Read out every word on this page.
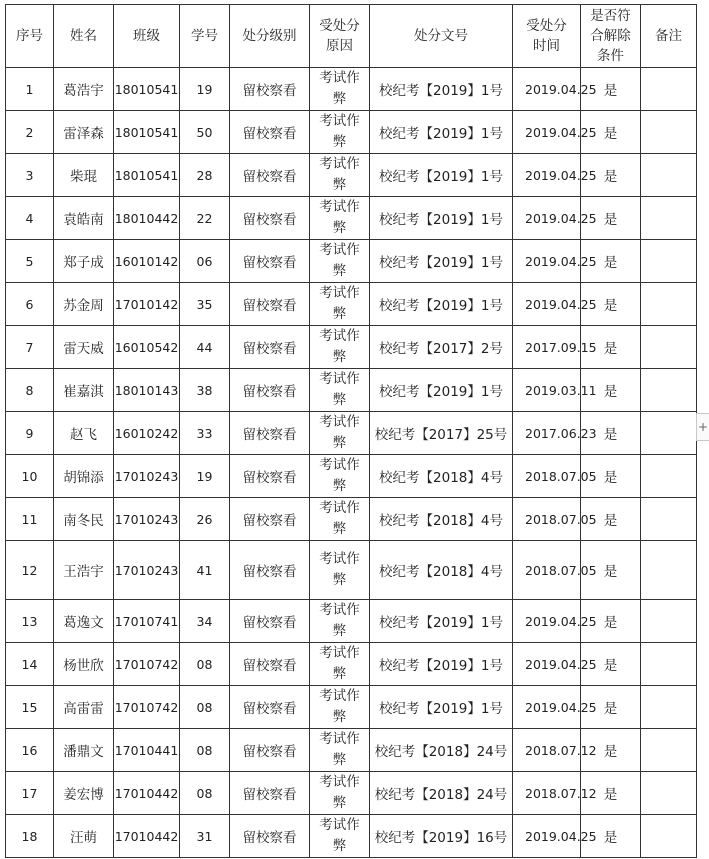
序号	姓名	班级	学号	处分级别	受处分原因	处分文号	受处分时间	是否符合解除条件	备注
1	葛浩宇	18010541	19	留校察看	考试作弊	校纪考【2019】1号	2019.04.25	是	
2	雷泽森	18010541	50	留校察看	考试作弊	校纪考【2019】1号	2019.04.25	是	
3	柴琨	18010541	28	留校察看	考试作弊	校纪考【2019】1号	2019.04.25	是	
4	袁皓南	18010442	22	留校察看	考试作弊	校纪考【2019】1号	2019.04.25	是	
5	郑子成	16010142	06	留校察看	考试作弊	校纪考【2019】1号	2019.04.25	是	
6	苏金周	17010142	35	留校察看	考试作弊	校纪考【2019】1号	2019.04.25	是	
7	雷天威	16010542	44	留校察看	考试作弊	校纪考【2017】2号	2017.09.15	是	
8	崔嘉淇	18010143	38	留校察看	考试作弊	校纪考【2019】1号	2019.03.11	是	
9	赵飞	16010242	33	留校察看	考试作弊	校纪考【2017】25号	2017.06.23	是	
10	胡锦添	17010243	19	留校察看	考试作弊	校纪考【2018】4号	2018.07.05	是	
11	南冬民	17010243	26	留校察看	考试作弊	校纪考【2018】4号	2018.07.05	是	
12	王浩宇	17010243	41	留校察看	考试作弊	校纪考【2018】4号	2018.07.05	是	
13	葛逸文	17010741	34	留校察看	考试作弊	校纪考【2019】1号	2019.04.25	是	
14	杨世欣	17010742	08	留校察看	考试作弊	校纪考【2019】1号	2019.04.25	是	
15	高雷雷	17010742	08	留校察看	考试作弊	校纪考【2019】1号	2019.04.25	是	
16	潘鼎文	17010441	08	留校察看	考试作弊	校纪考【2018】24号	2018.07.12	是	
17	姜宏博	17010442	08	留校察看	考试作弊	校纪考【2018】24号	2018.07.12	是	
18	汪萌	17010442	31	留校察看	考试作弊	校纪考【2019】16号	2019.04.25	是	
+
